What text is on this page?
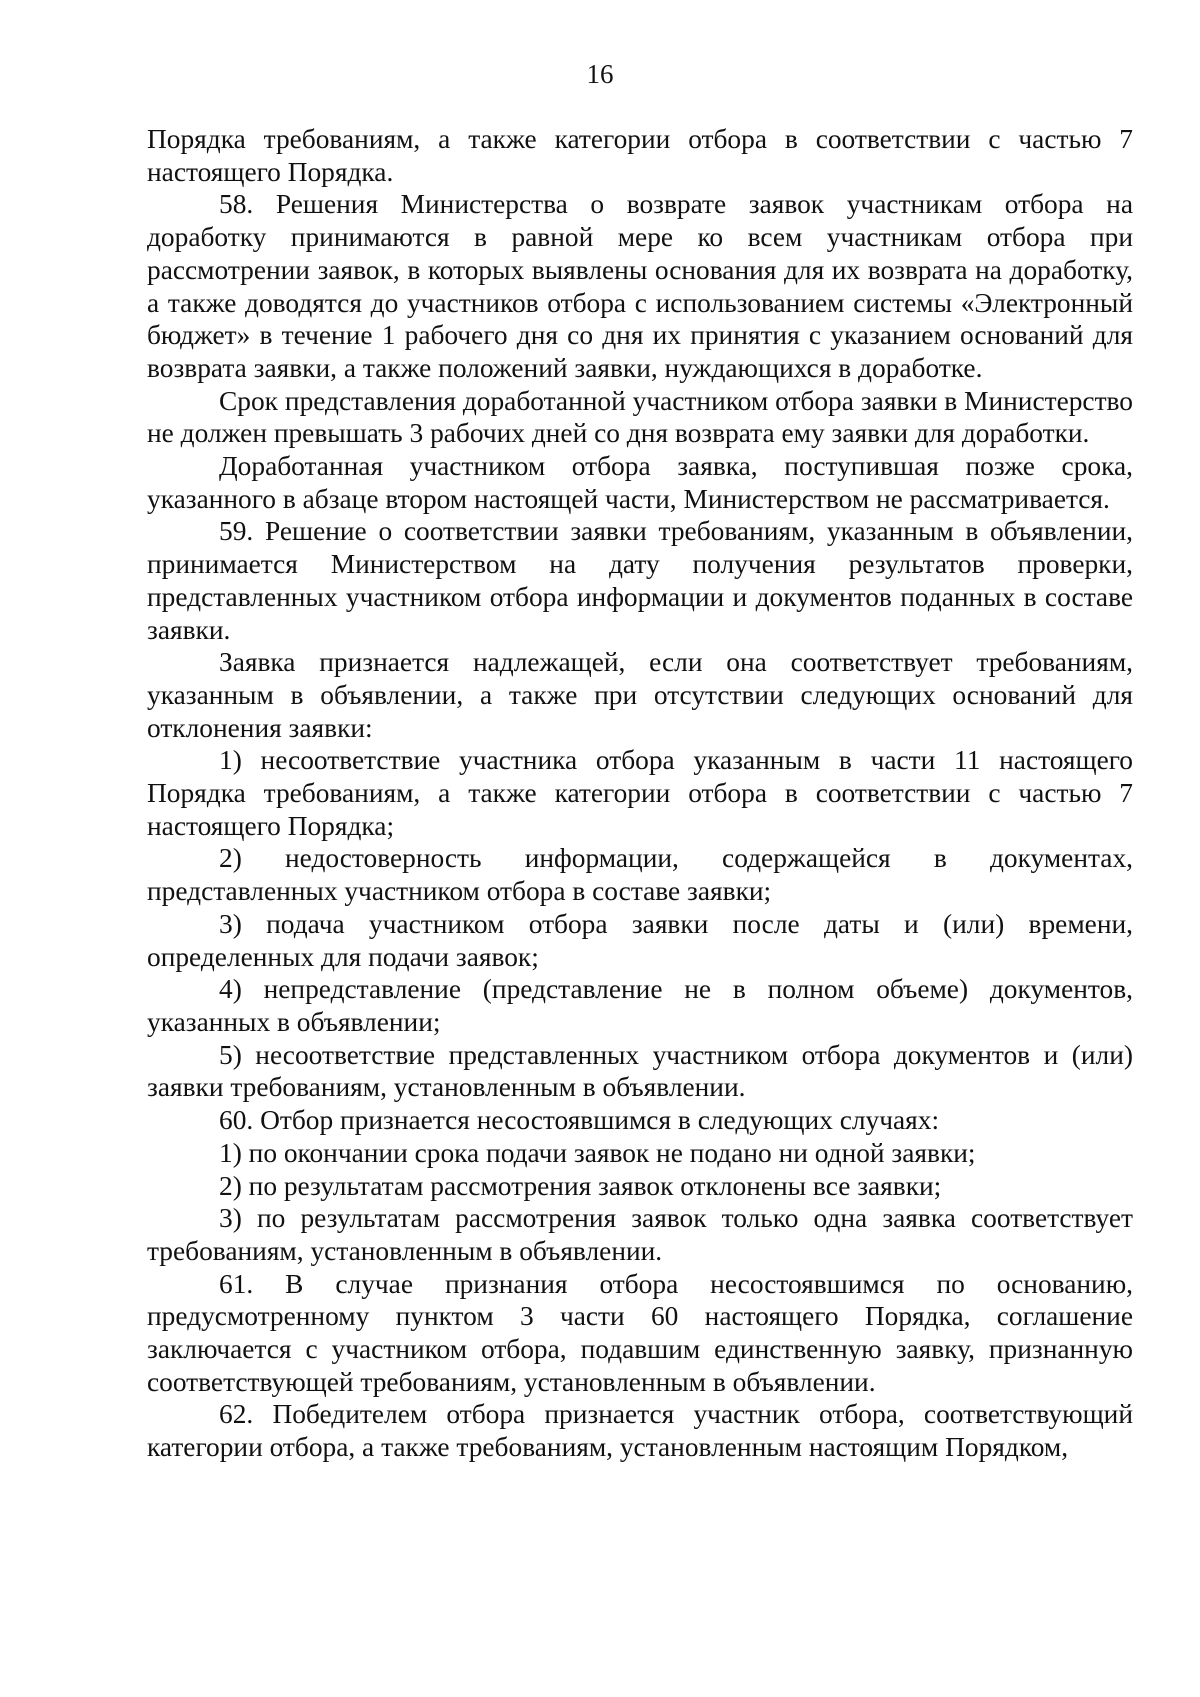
16

Порядка требованиям, а также категории отбора в соответствии с частью 7 настоящего Порядка.

58. Решения Министерства о возврате заявок участникам отбора на доработку принимаются в равной мере ко всем участникам отбора при рассмотрении заявок, в которых выявлены основания для их возврата на доработку, а также доводятся до участников отбора с использованием системы «Электронный бюджет» в течение 1 рабочего дня со дня их принятия с указанием оснований для возврата заявки, а также положений заявки, нуждающихся в доработке.

Срок представления доработанной участником отбора заявки в Министерство не должен превышать 3 рабочих дней со дня возврата ему заявки для доработки.

Доработанная участником отбора заявка, поступившая позже срока, указанного в абзаце втором настоящей части, Министерством не рассматривается.

59. Решение о соответствии заявки требованиям, указанным в объявлении, принимается Министерством на дату получения результатов проверки, представленных участником отбора информации и документов поданных в составе заявки.

Заявка признается надлежащей, если она соответствует требованиям, указанным в объявлении, а также при отсутствии следующих оснований для отклонения заявки:

1) несоответствие участника отбора указанным в части 11 настоящего Порядка требованиям, а также категории отбора в соответствии с частью 7 настоящего Порядка;

2) недостоверность информации, содержащейся в документах, представленных участником отбора в составе заявки;

3) подача участником отбора заявки после даты и (или) времени, определенных для подачи заявок;

4) непредставление (представление не в полном объеме) документов, указанных в объявлении;

5) несоответствие представленных участником отбора документов и (или) заявки требованиям, установленным в объявлении.

60. Отбор признается несостоявшимся в следующих случаях:

1) по окончании срока подачи заявок не подано ни одной заявки;

2) по результатам рассмотрения заявок отклонены все заявки;

3) по результатам рассмотрения заявок только одна заявка соответствует требованиям, установленным в объявлении.

61. В случае признания отбора несостоявшимся по основанию, предусмотренному пунктом 3 части 60 настоящего Порядка, соглашение заключается с участником отбора, подавшим единственную заявку, признанную соответствующей требованиям, установленным в объявлении.

62. Победителем отбора признается участник отбора, соответствующий категории отбора, а также требованиям, установленным настоящим Порядком,
